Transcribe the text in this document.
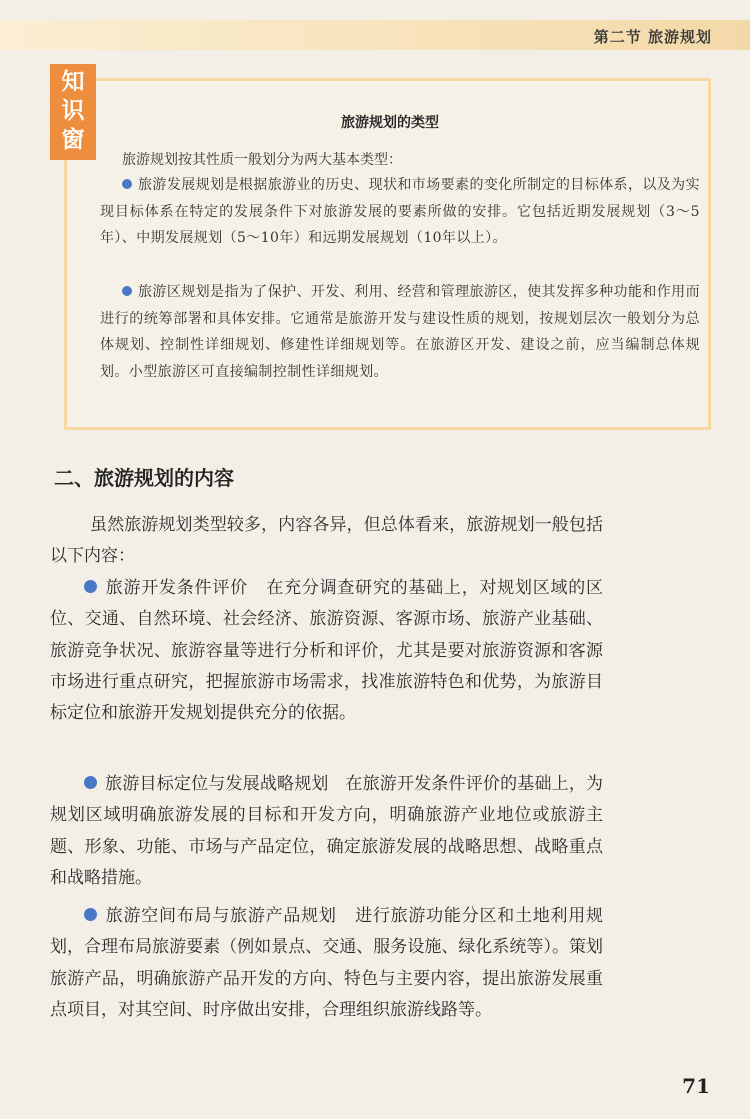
第二节 旅游规划
知
识
窗
旅游规划的类型
旅游规划按其性质一般划分为两大基本类型：
旅游发展规划是根据旅游业的历史、现状和市场要素的变化所制定的目标体系，以及为实现目标体系在特定的发展条件下对旅游发展的要素所做的安排。它包括近期发展规划（3～5年）、中期发展规划（5～10年）和远期发展规划（10年以上）。
旅游区规划是指为了保护、开发、利用、经营和管理旅游区，使其发挥多种功能和作用而进行的统筹部署和具体安排。它通常是旅游开发与建设性质的规划，按规划层次一般划分为总体规划、控制性详细规划、修建性详细规划等。在旅游区开发、建设之前，应当编制总体规划。小型旅游区可直接编制控制性详细规划。
二、旅游规划的内容
虽然旅游规划类型较多，内容各异，但总体看来，旅游规划一般包括以下内容：
旅游开发条件评价 在充分调查研究的基础上，对规划区域的区位、交通、自然环境、社会经济、旅游资源、客源市场、旅游产业基础、旅游竞争状况、旅游容量等进行分析和评价，尤其是要对旅游资源和客源市场进行重点研究，把握旅游市场需求，找准旅游特色和优势，为旅游目标定位和旅游开发规划提供充分的依据。
旅游目标定位与发展战略规划 在旅游开发条件评价的基础上，为规划区域明确旅游发展的目标和开发方向，明确旅游产业地位或旅游主题、形象、功能、市场与产品定位，确定旅游发展的战略思想、战略重点和战略措施。
旅游空间布局与旅游产品规划 进行旅游功能分区和土地利用规划，合理布局旅游要素（例如景点、交通、服务设施、绿化系统等）。策划旅游产品，明确旅游产品开发的方向、特色与主要内容，提出旅游发展重点项目，对其空间、时序做出安排，合理组织旅游线路等。
71
